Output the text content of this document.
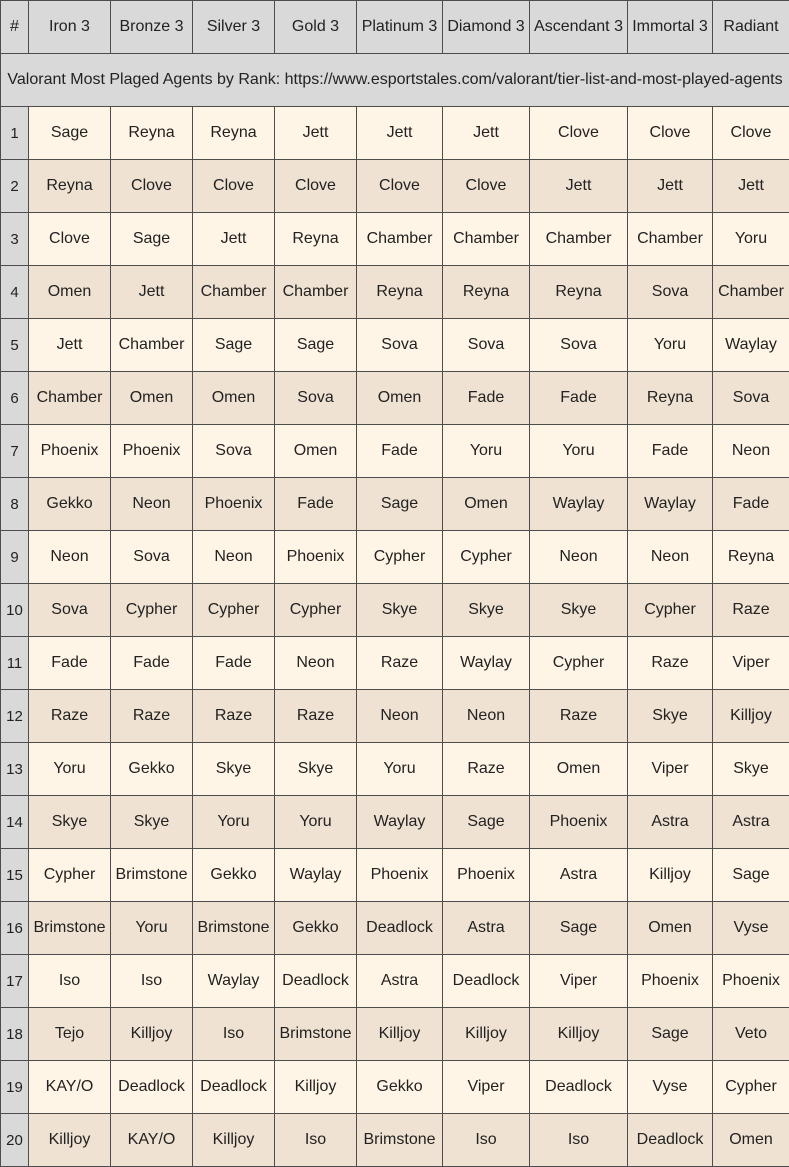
#	Iron 3	Bronze 3	Silver 3	Gold 3	Platinum 3	Diamond 3	Ascendant 3	Immortal 3	Radiant
Valorant Most Plaged Agents by Rank: https://www.esportstales.com/valorant/tier-list-and-most-played-agents									
1	Sage	Reyna	Reyna	Jett	Jett	Jett	Clove	Clove	Clove
2	Reyna	Clove	Clove	Clove	Clove	Clove	Jett	Jett	Jett
3	Clove	Sage	Jett	Reyna	Chamber	Chamber	Chamber	Chamber	Yoru
4	Omen	Jett	Chamber	Chamber	Reyna	Reyna	Reyna	Sova	Chamber
5	Jett	Chamber	Sage	Sage	Sova	Sova	Sova	Yoru	Waylay
6	Chamber	Omen	Omen	Sova	Omen	Fade	Fade	Reyna	Sova
7	Phoenix	Phoenix	Sova	Omen	Fade	Yoru	Yoru	Fade	Neon
8	Gekko	Neon	Phoenix	Fade	Sage	Omen	Waylay	Waylay	Fade
9	Neon	Sova	Neon	Phoenix	Cypher	Cypher	Neon	Neon	Reyna
10	Sova	Cypher	Cypher	Cypher	Skye	Skye	Skye	Cypher	Raze
11	Fade	Fade	Fade	Neon	Raze	Waylay	Cypher	Raze	Viper
12	Raze	Raze	Raze	Raze	Neon	Neon	Raze	Skye	Killjoy
13	Yoru	Gekko	Skye	Skye	Yoru	Raze	Omen	Viper	Skye
14	Skye	Skye	Yoru	Yoru	Waylay	Sage	Phoenix	Astra	Astra
15	Cypher	Brimstone	Gekko	Waylay	Phoenix	Phoenix	Astra	Killjoy	Sage
16	Brimstone	Yoru	Brimstone	Gekko	Deadlock	Astra	Sage	Omen	Vyse
17	Iso	Iso	Waylay	Deadlock	Astra	Deadlock	Viper	Phoenix	Phoenix
18	Tejo	Killjoy	Iso	Brimstone	Killjoy	Killjoy	Killjoy	Sage	Veto
19	KAY/O	Deadlock	Deadlock	Killjoy	Gekko	Viper	Deadlock	Vyse	Cypher
20	Killjoy	KAY/O	Killjoy	Iso	Brimstone	Iso	Iso	Deadlock	Omen
